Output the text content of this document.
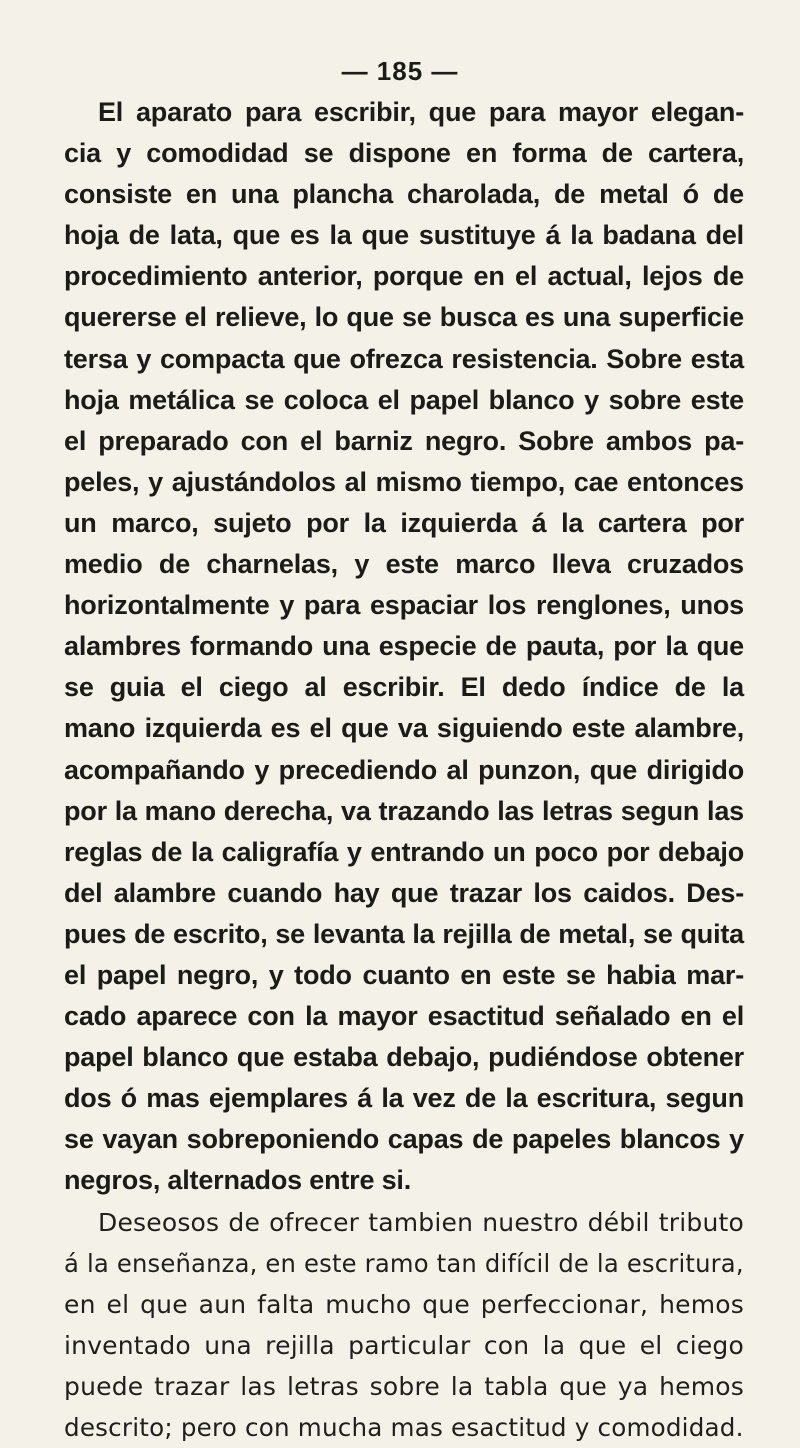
— 185 —
El aparato para escribir, que para mayor elegan-
cia y comodidad se dispone en forma de cartera,
consiste en una plancha charolada, de metal ó de
hoja de lata, que es la que sustituye á la badana del
procedimiento anterior, porque en el actual, lejos de
quererse el relieve, lo que se busca es una superficie
tersa y compacta que ofrezca resistencia. Sobre esta
hoja metálica se coloca el papel blanco y sobre este
el preparado con el barniz negro. Sobre ambos pa-
peles, y ajustándolos al mismo tiempo, cae entonces
un marco, sujeto por la izquierda á la cartera por
medio de charnelas, y este marco lleva cruzados
horizontalmente y para espaciar los renglones, unos
alambres formando una especie de pauta, por la que
se guia el ciego al escribir. El dedo índice de la
mano izquierda es el que va siguiendo este alambre,
acompañando y precediendo al punzon, que dirigido
por la mano derecha, va trazando las letras segun las
reglas de la caligrafía y entrando un poco por debajo
del alambre cuando hay que trazar los caidos. Des-
pues de escrito, se levanta la rejilla de metal, se quita
el papel negro, y todo cuanto en este se habia mar-
cado aparece con la mayor esactitud señalado en el
papel blanco que estaba debajo, pudiéndose obtener
dos ó mas ejemplares á la vez de la escritura, segun
se vayan sobreponiendo capas de papeles blancos y
negros, alternados entre si.
Deseosos de ofrecer tambien nuestro débil tributo
á la enseñanza, en este ramo tan difícil de la escritura,
en el que aun falta mucho que perfeccionar, hemos
inventado una rejilla particular con la que el ciego
puede trazar las letras sobre la tabla que ya hemos
descrito; pero con mucha mas esactitud y comodidad.
